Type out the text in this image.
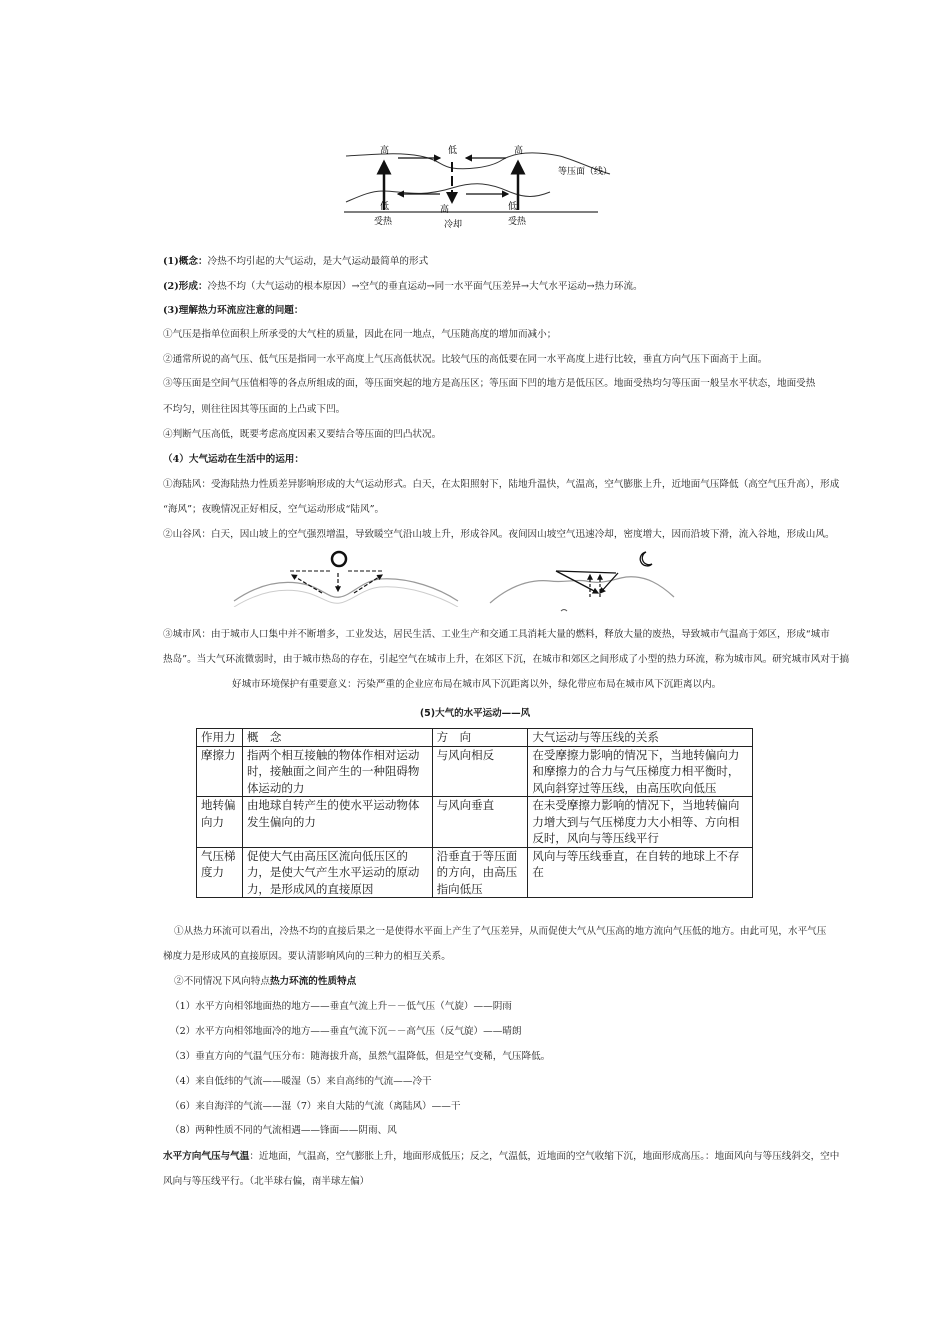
高	低	高
等压面（线）
低	高	低
受热	冷却	受热
(1)概念：冷热不均引起的大气运动，是大气运动最简单的形式
(2)形成：冷热不均（大气运动的根本原因）→空气的垂直运动→同一水平面气压差异→大气水平运动→热力环流。
(3)理解热力环流应注意的问题：
①气压是指单位面积上所承受的大气柱的质量，因此在同一地点，气压随高度的增加而减小；
②通常所说的高气压、低气压是指同一水平高度上气压高低状况。比较气压的高低要在同一水平高度上进行比较，垂直方向气压下面高于上面。
③等压面是空间气压值相等的各点所组成的面，等压面突起的地方是高压区；等压面下凹的地方是低压区。地面受热均匀等压面一般呈水平状态，地面受热
不均匀，则往往因其等压面的上凸或下凹。
④判断气压高低，既要考虑高度因素又要结合等压面的凹凸状况。
（4）大气运动在生活中的运用：
①海陆风：受海陆热力性质差异影响形成的大气运动形式。白天，在太阳照射下，陆地升温快，气温高，空气膨胀上升，近地面气压降低（高空气压升高），形成
“海风”；夜晚情况正好相反，空气运动形成“陆风”。
②山谷风：白天，因山坡上的空气强烈增温，导致暖空气沿山坡上升，形成谷风。夜间因山坡空气迅速冷却，密度增大，因而沿坡下滑，流入谷地，形成山风。
③城市风：由于城市人口集中并不断增多，工业发达，居民生活、工业生产和交通工具消耗大量的燃料，释放大量的废热，导致城市气温高于郊区，形成“城市
热岛”。当大气环流微弱时，由于城市热岛的存在，引起空气在城市上升，在郊区下沉，在城市和郊区之间形成了小型的热力环流，称为城市风。研究城市风对于搞
好城市环境保护有重要意义：污染严重的企业应布局在城市风下沉距离以外，绿化带应布局在城市风下沉距离以内。
(5)大气的水平运动——风
作用力	概　念	方　向	大气运动与等压线的关系
摩擦力	指两个相互接触的物体作相对运动时，接触面之间产生的一种阻碍物体运动的力	与风向相反	在受摩擦力影响的情况下，当地转偏向力和摩擦力的合力与气压梯度力相平衡时，风向斜穿过等压线，由高压吹向低压
地转偏向力	由地球自转产生的使水平运动物体发生偏向的力	与风向垂直	在未受摩擦力影响的情况下，当地转偏向力增大到与气压梯度力大小相等、方向相反时，风向与等压线平行
气压梯度力	促使大气由高压区流向低压区的力，是使大气产生水平运动的原动力，是形成风的直接原因	沿垂直于等压面的方向，由高压指向低压	风向与等压线垂直，在自转的地球上不存在
①从热力环流可以看出，冷热不均的直接后果之一是使得水平面上产生了气压差异，从而促使大气从气压高的地方流向气压低的地方。由此可见，水平气压
梯度力是形成风的直接原因。要认清影响风向的三种力的相互关系。
②不同情况下风向特点热力环流的性质特点
（1）水平方向相邻地面热的地方——垂直气流上升－－低气压（气旋）——阴雨
（2）水平方向相邻地面冷的地方——垂直气流下沉－－高气压（反气旋）——晴朗
（3）垂直方向的气温气压分布：随海拔升高，虽然气温降低，但是空气变稀，气压降低。
（4）来自低纬的气流——暖湿（5）来自高纬的气流——冷干
（6）来自海洋的气流——湿（7）来自大陆的气流（离陆风）——干
（8）两种性质不同的气流相遇——锋面——阴雨、风
水平方向气压与气温：近地面，气温高，空气膨胀上升，地面形成低压；反之，气温低，近地面的空气收缩下沉，地面形成高压。：地面风向与等压线斜交，空中
风向与等压线平行。（北半球右偏，南半球左偏）
